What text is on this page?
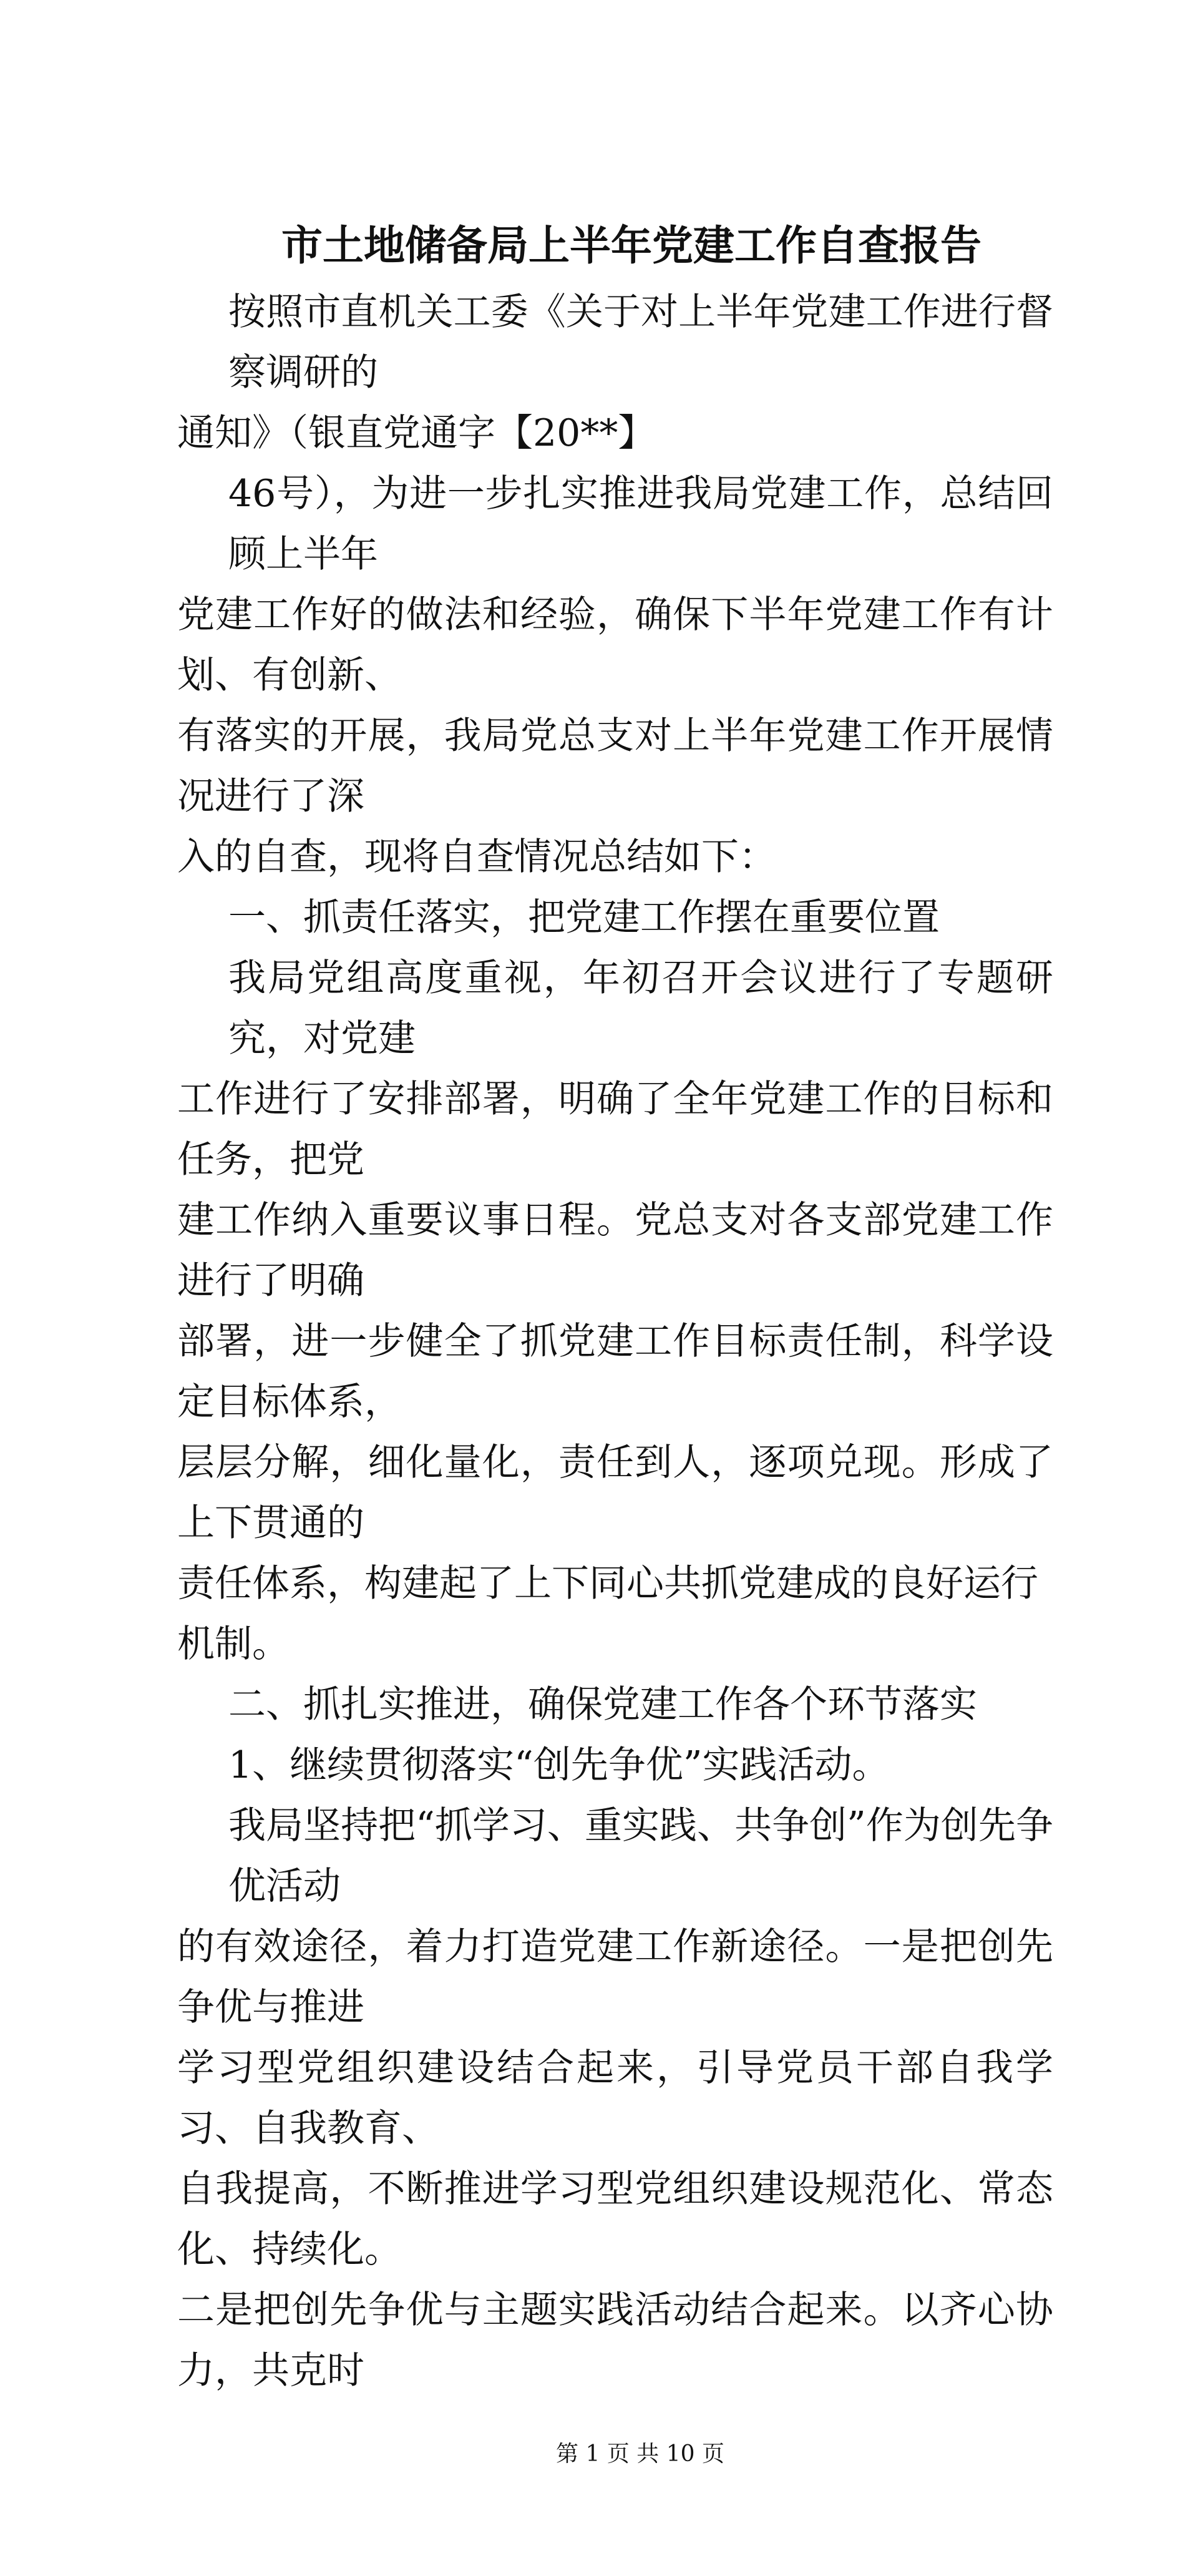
市土地储备局上半年党建工作自查报告
按照市直机关工委《关于对上半年党建工作进行督察调研的
通知》（银直党通字【20**】
46号），为进一步扎实推进我局党建工作，总结回顾上半年
党建工作好的做法和经验，确保下半年党建工作有计划、有创新、
有落实的开展，我局党总支对上半年党建工作开展情况进行了深
入的自查，现将自查情况总结如下：
一、抓责任落实，把党建工作摆在重要位置
我局党组高度重视，年初召开会议进行了专题研究，对党建
工作进行了安排部署，明确了全年党建工作的目标和任务，把党
建工作纳入重要议事日程。党总支对各支部党建工作进行了明确
部署，进一步健全了抓党建工作目标责任制，科学设定目标体系，
层层分解，细化量化，责任到人，逐项兑现。形成了上下贯通的
责任体系，构建起了上下同心共抓党建成的良好运行机制。
二、抓扎实推进，确保党建工作各个环节落实
1、继续贯彻落实“创先争优”实践活动。
我局坚持把“抓学习、重实践、共争创”作为创先争优活动
的有效途径，着力打造党建工作新途径。一是把创先争优与推进
学习型党组织建设结合起来，引导党员干部自我学习、自我教育、
自我提高，不断推进学习型党组织建设规范化、常态化、持续化。
二是把创先争优与主题实践活动结合起来。以齐心协力，共克时
第 1 页 共 10 页
